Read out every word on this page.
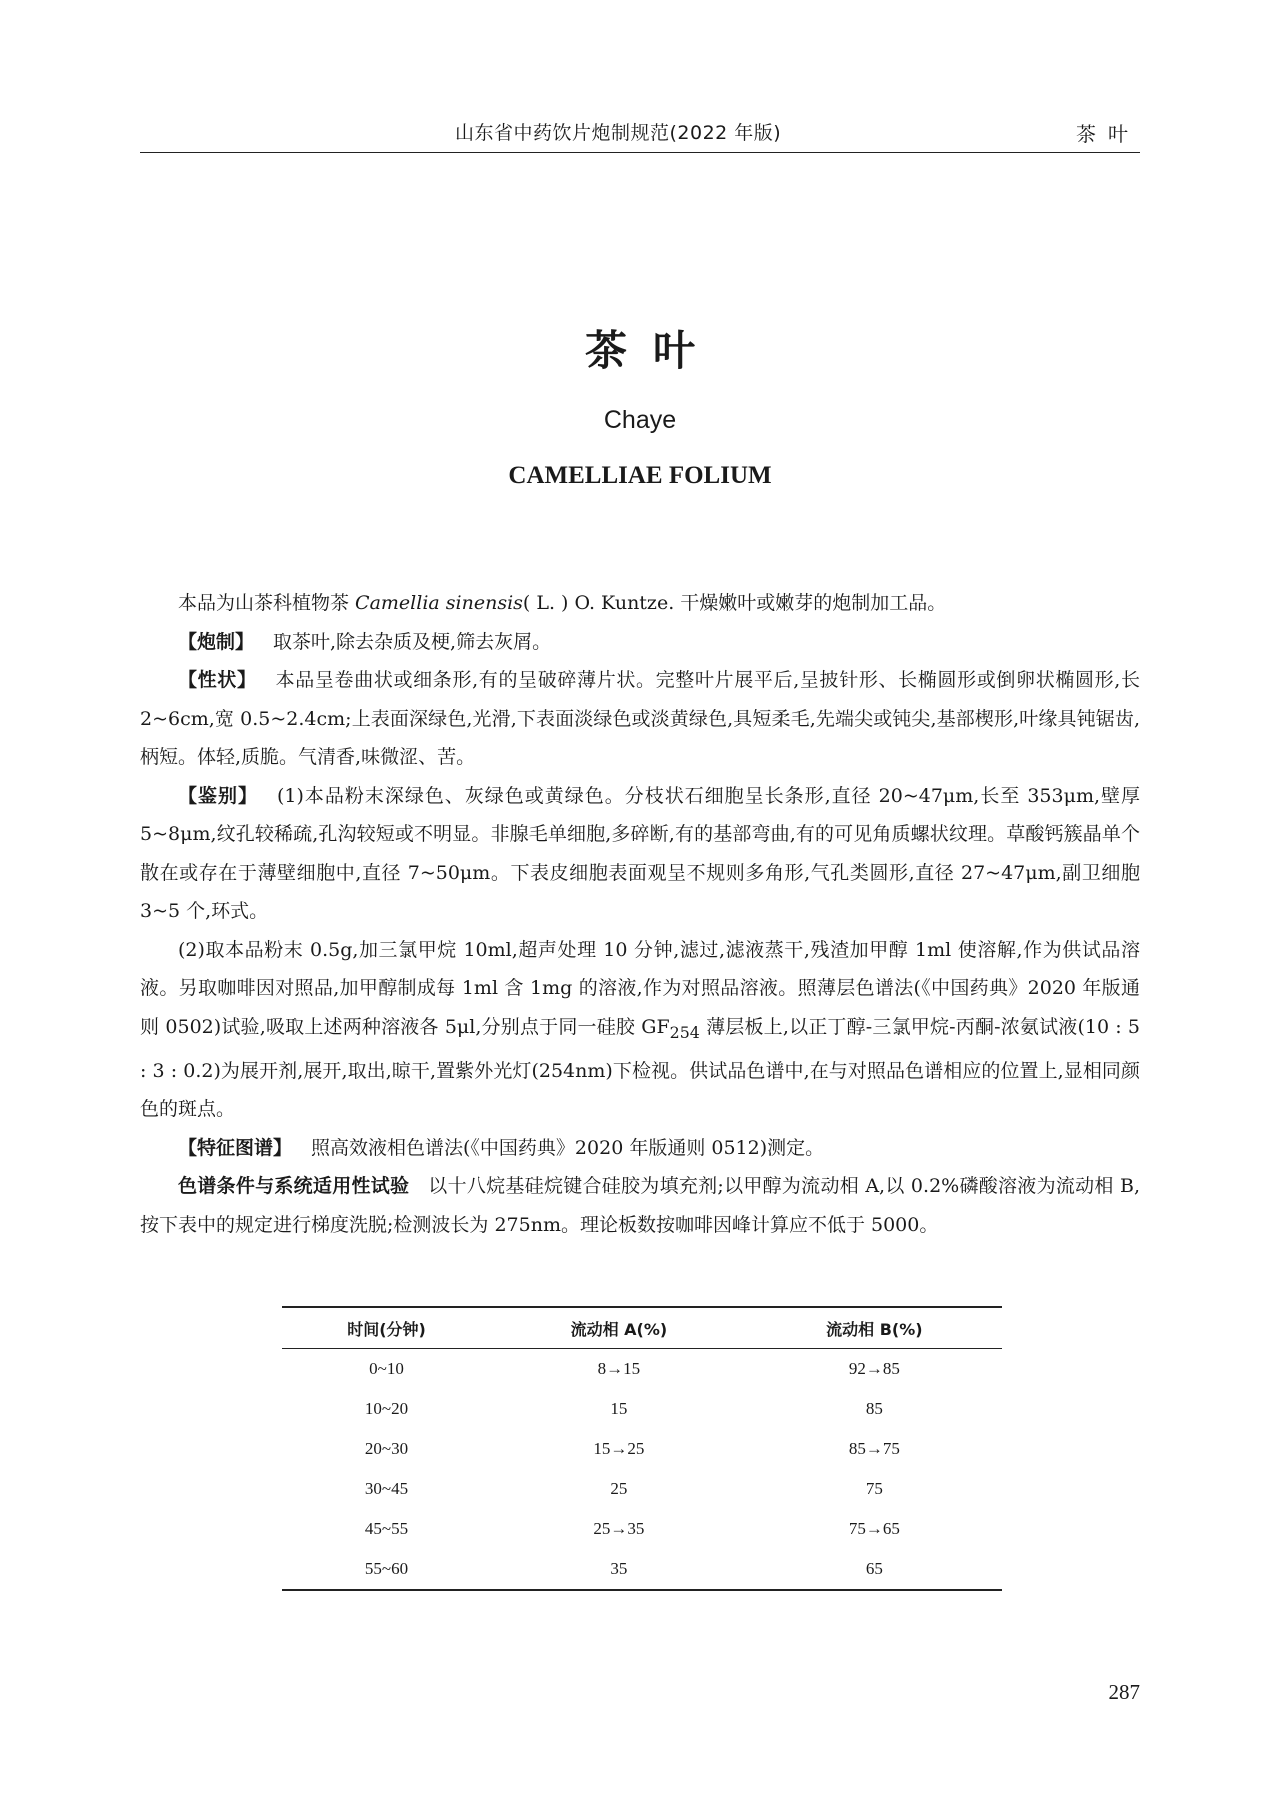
山东省中药饮片炮制规范(2022 年版)	茶叶
茶叶
Chaye
CAMELLIAE FOLIUM

本品为山茶科植物茶 Camellia sinensis( L. ) O. Kuntze. 干燥嫩叶或嫩芽的炮制加工品。

【炮制】 取茶叶,除去杂质及梗,筛去灰屑。

【性状】 本品呈卷曲状或细条形,有的呈破碎薄片状。完整叶片展平后,呈披针形、长椭圆形或倒卵状椭圆形,长 2~6cm,宽 0.5~2.4cm;上表面深绿色,光滑,下表面淡绿色或淡黄绿色,具短柔毛,先端尖或钝尖,基部楔形,叶缘具钝锯齿,柄短。体轻,质脆。气清香,味微涩、苦。

【鉴别】 (1)本品粉末深绿色、灰绿色或黄绿色。分枝状石细胞呈长条形,直径 20~47μm,长至 353μm,壁厚 5~8μm,纹孔较稀疏,孔沟较短或不明显。非腺毛单细胞,多碎断,有的基部弯曲,有的可见角质螺状纹理。草酸钙簇晶单个散在或存在于薄壁细胞中,直径 7~50μm。下表皮细胞表面观呈不规则多角形,气孔类圆形,直径 27~47μm,副卫细胞 3~5 个,环式。

(2)取本品粉末 0.5g,加三氯甲烷 10ml,超声处理 10 分钟,滤过,滤液蒸干,残渣加甲醇 1ml 使溶解,作为供试品溶液。另取咖啡因对照品,加甲醇制成每 1ml 含 1mg 的溶液,作为对照品溶液。照薄层色谱法(《中国药典》2020 年版通则 0502)试验,吸取上述两种溶液各 5μl,分别点于同一硅胶 $GF_{254}$ 薄层板上,以正丁醇-三氯甲烷-丙酮-浓氨试液(10 : 5 : 3 : 0.2)为展开剂,展开,取出,晾干,置紫外光灯(254nm)下检视。供试品色谱中,在与对照品色谱相应的位置上,显相同颜色的斑点。

【特征图谱】 照高效液相色谱法(《中国药典》2020 年版通则 0512)测定。

色谱条件与系统适用性试验 以十八烷基硅烷键合硅胶为填充剂;以甲醇为流动相 A,以 0.2%磷酸溶液为流动相 B,按下表中的规定进行梯度洗脱;检测波长为 275nm。理论板数按咖啡因峰计算应不低于 5000。

时间(分钟)	流动相 A(%)	流动相 B(%)
0~10	8→15	92→85
10~20	15	85
20~30	15→25	85→75
30~45	25	75
45~55	25→35	75→65
55~60	35	65
287
